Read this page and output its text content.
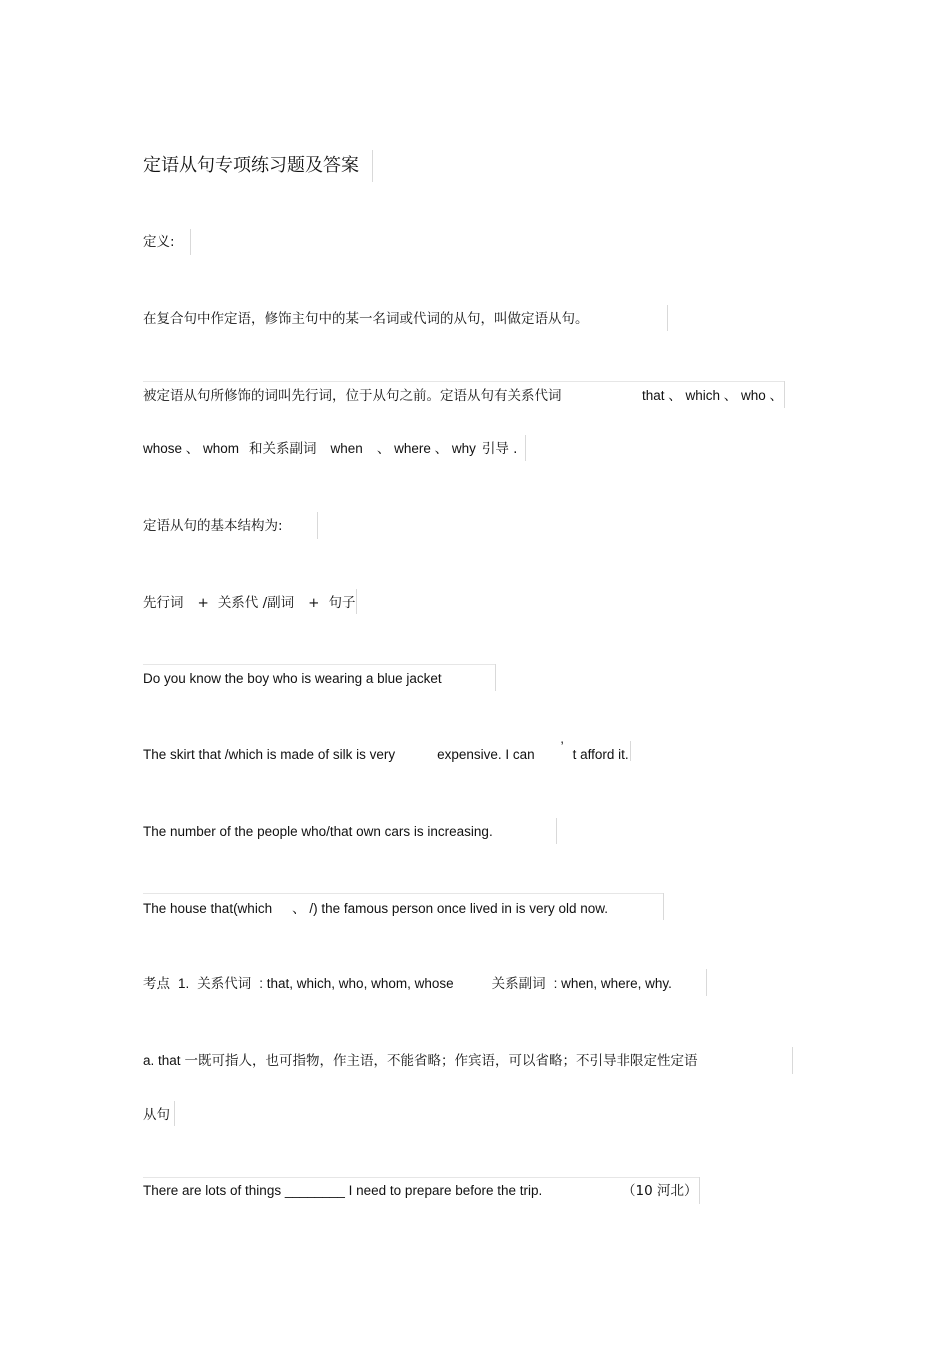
定语从句专项练习题及答案
定义:
在复合句中作定语，修饰主句中的某一名词或代词的从句，叫做定语从句。
被定语从句所修饰的词叫先行词，位于从句之前。定语从句有关系代词	that 、 which 、 who 、
whose 、 whom 和关系副词 when 、 where 、 why 引导 .
定语从句的基本结构为:
先行词 + 关系代 /副词 + 句子
Do you know the boy who is wearing a blue jacket
The skirt that /which is made of silk is very	expensive. I can’t afford it.
The number of the people who/that own cars is increasing.
The house that(which 、 /) the famous person once lived in is very old now.
考点 1. 关系代词 : that, which, who, whom, whose	关系副词 : when, where, why.
a. that 一既可指人，也可指物，作主语，不能省略；作宾语，可以省略；不引导非限定性定语
从句
There are lots of things ________ I need to prepare before the trip.	（10 河北）
